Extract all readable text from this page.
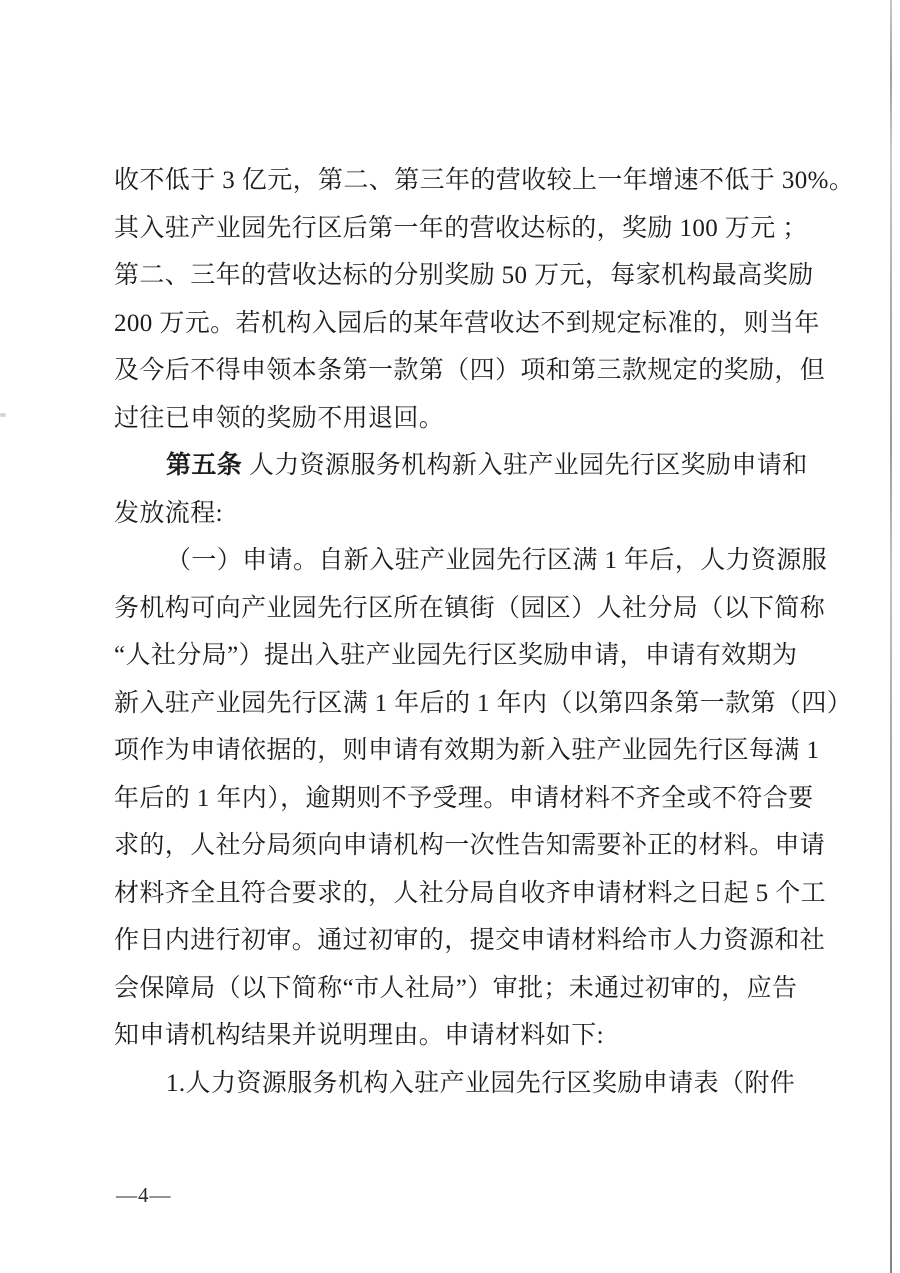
收不低于 3 亿元，第二、第三年的营收较上一年增速不低于 30%。
其入驻产业园先行区后第一年的营收达标的，奖励 100 万元 ；
第二、三年的营收达标的分别奖励 50 万元，每家机构最高奖励
200 万元。若机构入园后的某年营收达不到规定标准的，则当年
及今后不得申领本条第一款第（四）项和第三款规定的奖励，但
过往已申领的奖励不用退回。
第五条 人力资源服务机构新入驻产业园先行区奖励申请和
发放流程:
（一）申请。自新入驻产业园先行区满 1 年后，人力资源服
务机构可向产业园先行区所在镇街（园区）人社分局（以下简称
“人社分局”）提出入驻产业园先行区奖励申请，申请有效期为
新入驻产业园先行区满 1 年后的 1 年内（以第四条第一款第（四）
项作为申请依据的，则申请有效期为新入驻产业园先行区每满 1
年后的 1 年内），逾期则不予受理。申请材料不齐全或不符合要
求的，人社分局须向申请机构一次性告知需要补正的材料。申请
材料齐全且符合要求的，人社分局自收齐申请材料之日起 5 个工
作日内进行初审。通过初审的，提交申请材料给市人力资源和社
会保障局（以下简称“市人社局”）审批；未通过初审的，应告
知申请机构结果并说明理由。申请材料如下:
1.人力资源服务机构入驻产业园先行区奖励申请表（附件
—4—
